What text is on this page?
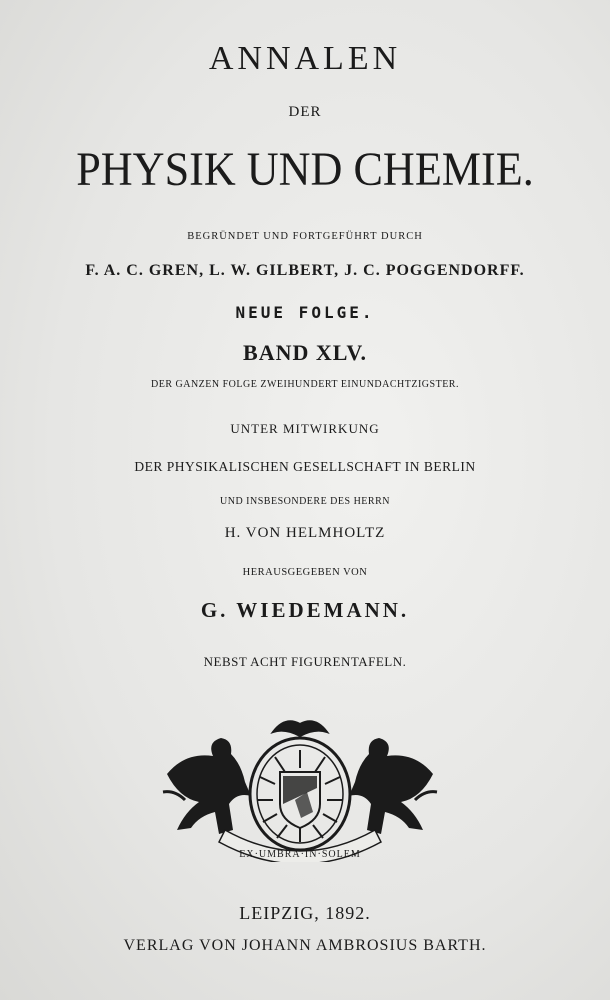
ANNALEN

DER

PHYSIK UND CHEMIE.

BEGRÜNDET UND FORTGEFÜHRT DURCH

F. A. C. GREN, L. W. GILBERT, J. C. POGGENDORFF.

NEUE FOLGE.

BAND XLV.

DER GANZEN FOLGE ZWEIHUNDERT EINUNDACHTZIGSTER.

UNTER MITWIRKUNG

DER PHYSIKALISCHEN GESELLSCHAFT IN BERLIN

UND INSBESONDERE DES HERRN

H. VON HELMHOLTZ

HERAUSGEGEBEN VON

G. WIEDEMANN.

NEBST ACHT FIGURENTAFELN.

EX·UMBRA·IN·SOLEM

LEIPZIG, 1892.

VERLAG VON JOHANN AMBROSIUS BARTH.
